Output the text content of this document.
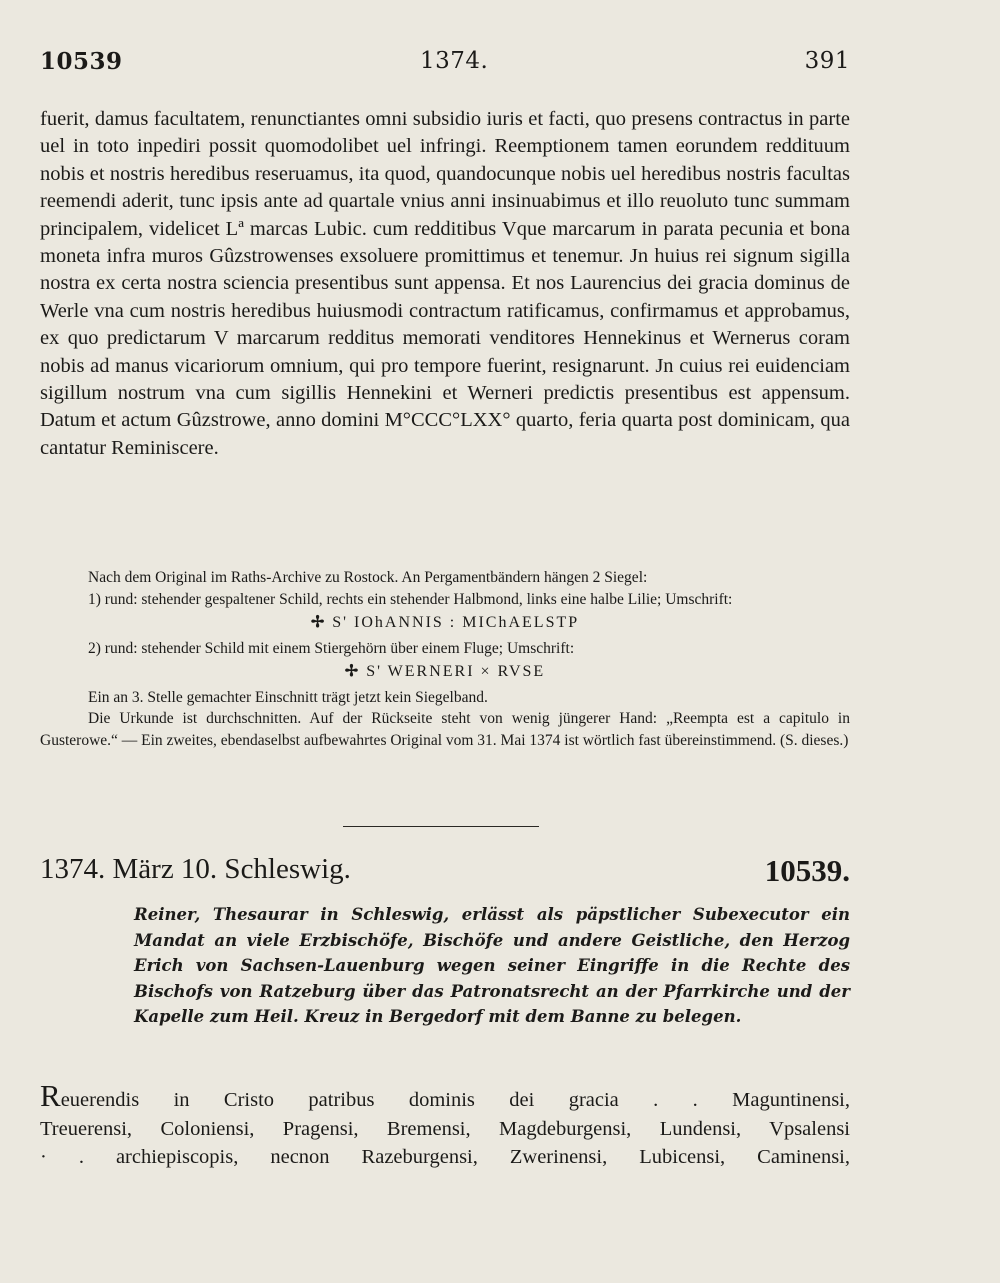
10539	1374.	391

fuerit, damus facultatem, renunctiantes omni subsidio iuris et facti, quo presens contractus in parte uel in toto inpediri possit quomodolibet uel infringi. Reemptionem tamen eorundem reddituum nobis et nostris heredibus reseruamus, ita quod, quandocunque nobis uel heredibus nostris facultas reemendi aderit, tunc ipsis ante ad quartale vnius anni insinuabimus et illo reuoluto tunc summam principalem, videlicet Lª marcas Lubic. cum redditibus Vque marcarum in parata pecunia et bona moneta infra muros Gûzstrowenses exsoluere promittimus et tenemur. Jn huius rei signum sigilla nostra ex certa nostra sciencia presentibus sunt appensa. Et nos Laurencius dei gracia dominus de Werle vna cum nostris heredibus huiusmodi contractum ratificamus, confirmamus et approbamus, ex quo predictarum V marcarum redditus memorati venditores Hennekinus et Wernerus coram nobis ad manus vicariorum omnium, qui pro tempore fuerint, resignarunt. Jn cuius rei euidenciam sigillum nostrum vna cum sigillis Hennekini et Werneri predictis presentibus est appensum. Datum et actum Gûzstrowe, anno domini M°CCC°LXX° quarto, feria quarta post dominicam, qua cantatur Reminiscere.

Nach dem Original im Raths-Archive zu Rostock. An Pergamentbändern hängen 2 Siegel:

1) rund: stehender gespaltener Schild, rechts ein stehender Halbmond, links eine halbe Lilie; Umschrift:

✢ S' IOhANNIS : MIChAELSTP

2) rund: stehender Schild mit einem Stiergehörn über einem Fluge; Umschrift:

✢ S' WERNERI × RVSE

Ein an 3. Stelle gemachter Einschnitt trägt jetzt kein Siegelband.

Die Urkunde ist durchschnitten. Auf der Rückseite steht von wenig jüngerer Hand: „Reempta est a capitulo in Gusterowe.“ — Ein zweites, ebendaselbst aufbewahrtes Original vom 31. Mai 1374 ist wörtlich fast übereinstimmend. (S. dieses.)

1374. März 10. Schleswig.	10539.

Reiner, Thesaurar in Schleswig, erlässt als päpstlicher Subexecutor ein Mandat an viele Erzbischöfe, Bischöfe und andere Geistliche, den Herzog Erich von Sachsen-Lauenburg wegen seiner Eingriffe in die Rechte des Bischofs von Ratzeburg über das Patronatsrecht an der Pfarrkirche und der Kapelle zum Heil. Kreuz in Bergedorf mit dem Banne zu belegen.

Reuerendis in Cristo patribus dominis dei gracia . . Maguntinensi,

Treuerensi, Coloniensi, Pragensi, Bremensi, Magdeburgensi, Lundensi, Vpsalensi

· . archiepiscopis, necnon Razeburgensi, Zwerinensi, Lubicensi, Caminensi,
